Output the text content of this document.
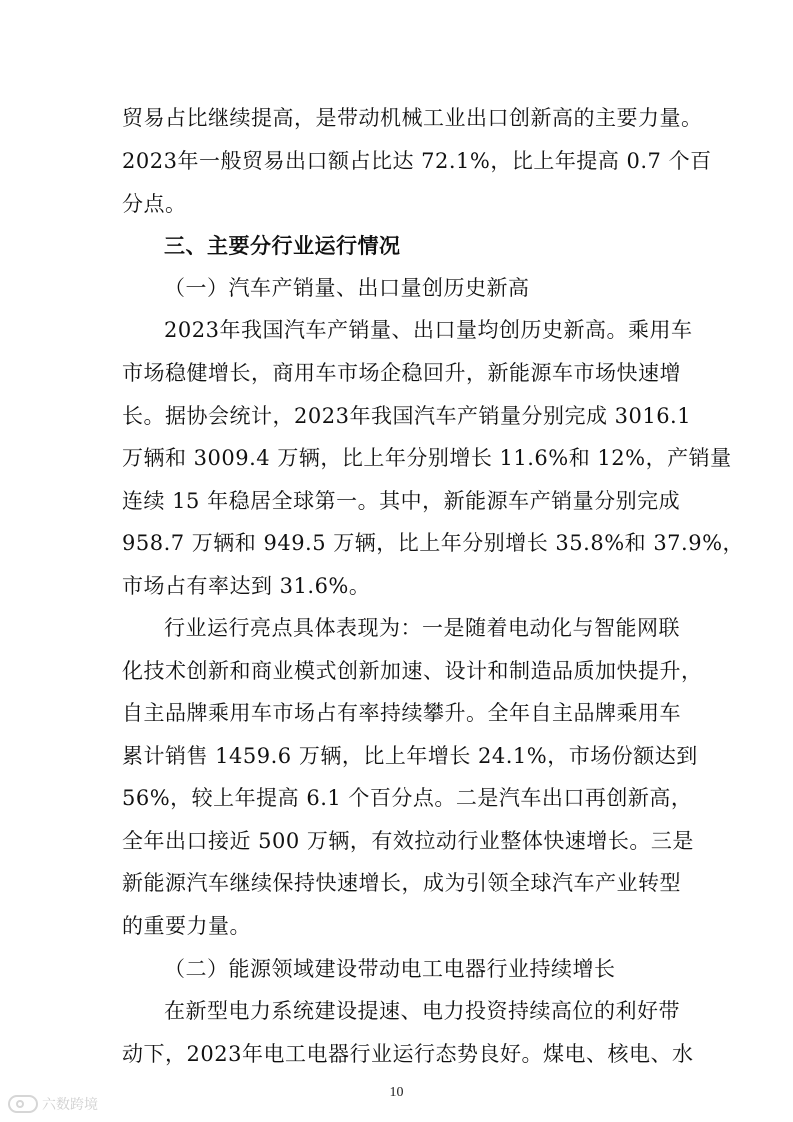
贸易占比继续提高，是带动机械工业出口创新高的主要力量。
2023年一般贸易出口额占比达 72.1%，比上年提高 0.7 个百
分点。
三、主要分行业运行情况
（一）汽车产销量、出口量创历史新高
2023年我国汽车产销量、出口量均创历史新高。乘用车
市场稳健增长，商用车市场企稳回升，新能源车市场快速增
长。据协会统计，2023年我国汽车产销量分别完成 3016.1
万辆和 3009.4 万辆，比上年分别增长 11.6%和 12%，产销量
连续 15 年稳居全球第一。其中，新能源车产销量分别完成
958.7 万辆和 949.5 万辆，比上年分别增长 35.8%和 37.9%，
市场占有率达到 31.6%。
行业运行亮点具体表现为：一是随着电动化与智能网联
化技术创新和商业模式创新加速、设计和制造品质加快提升，
自主品牌乘用车市场占有率持续攀升。全年自主品牌乘用车
累计销售 1459.6 万辆，比上年增长 24.1%，市场份额达到
56%，较上年提高 6.1 个百分点。二是汽车出口再创新高，
全年出口接近 500 万辆，有效拉动行业整体快速增长。三是
新能源汽车继续保持快速增长，成为引领全球汽车产业转型
的重要力量。
（二）能源领域建设带动电工电器行业持续增长
在新型电力系统建设提速、电力投资持续高位的利好带
动下，2023年电工电器行业运行态势良好。煤电、核电、水
10
六数跨境
